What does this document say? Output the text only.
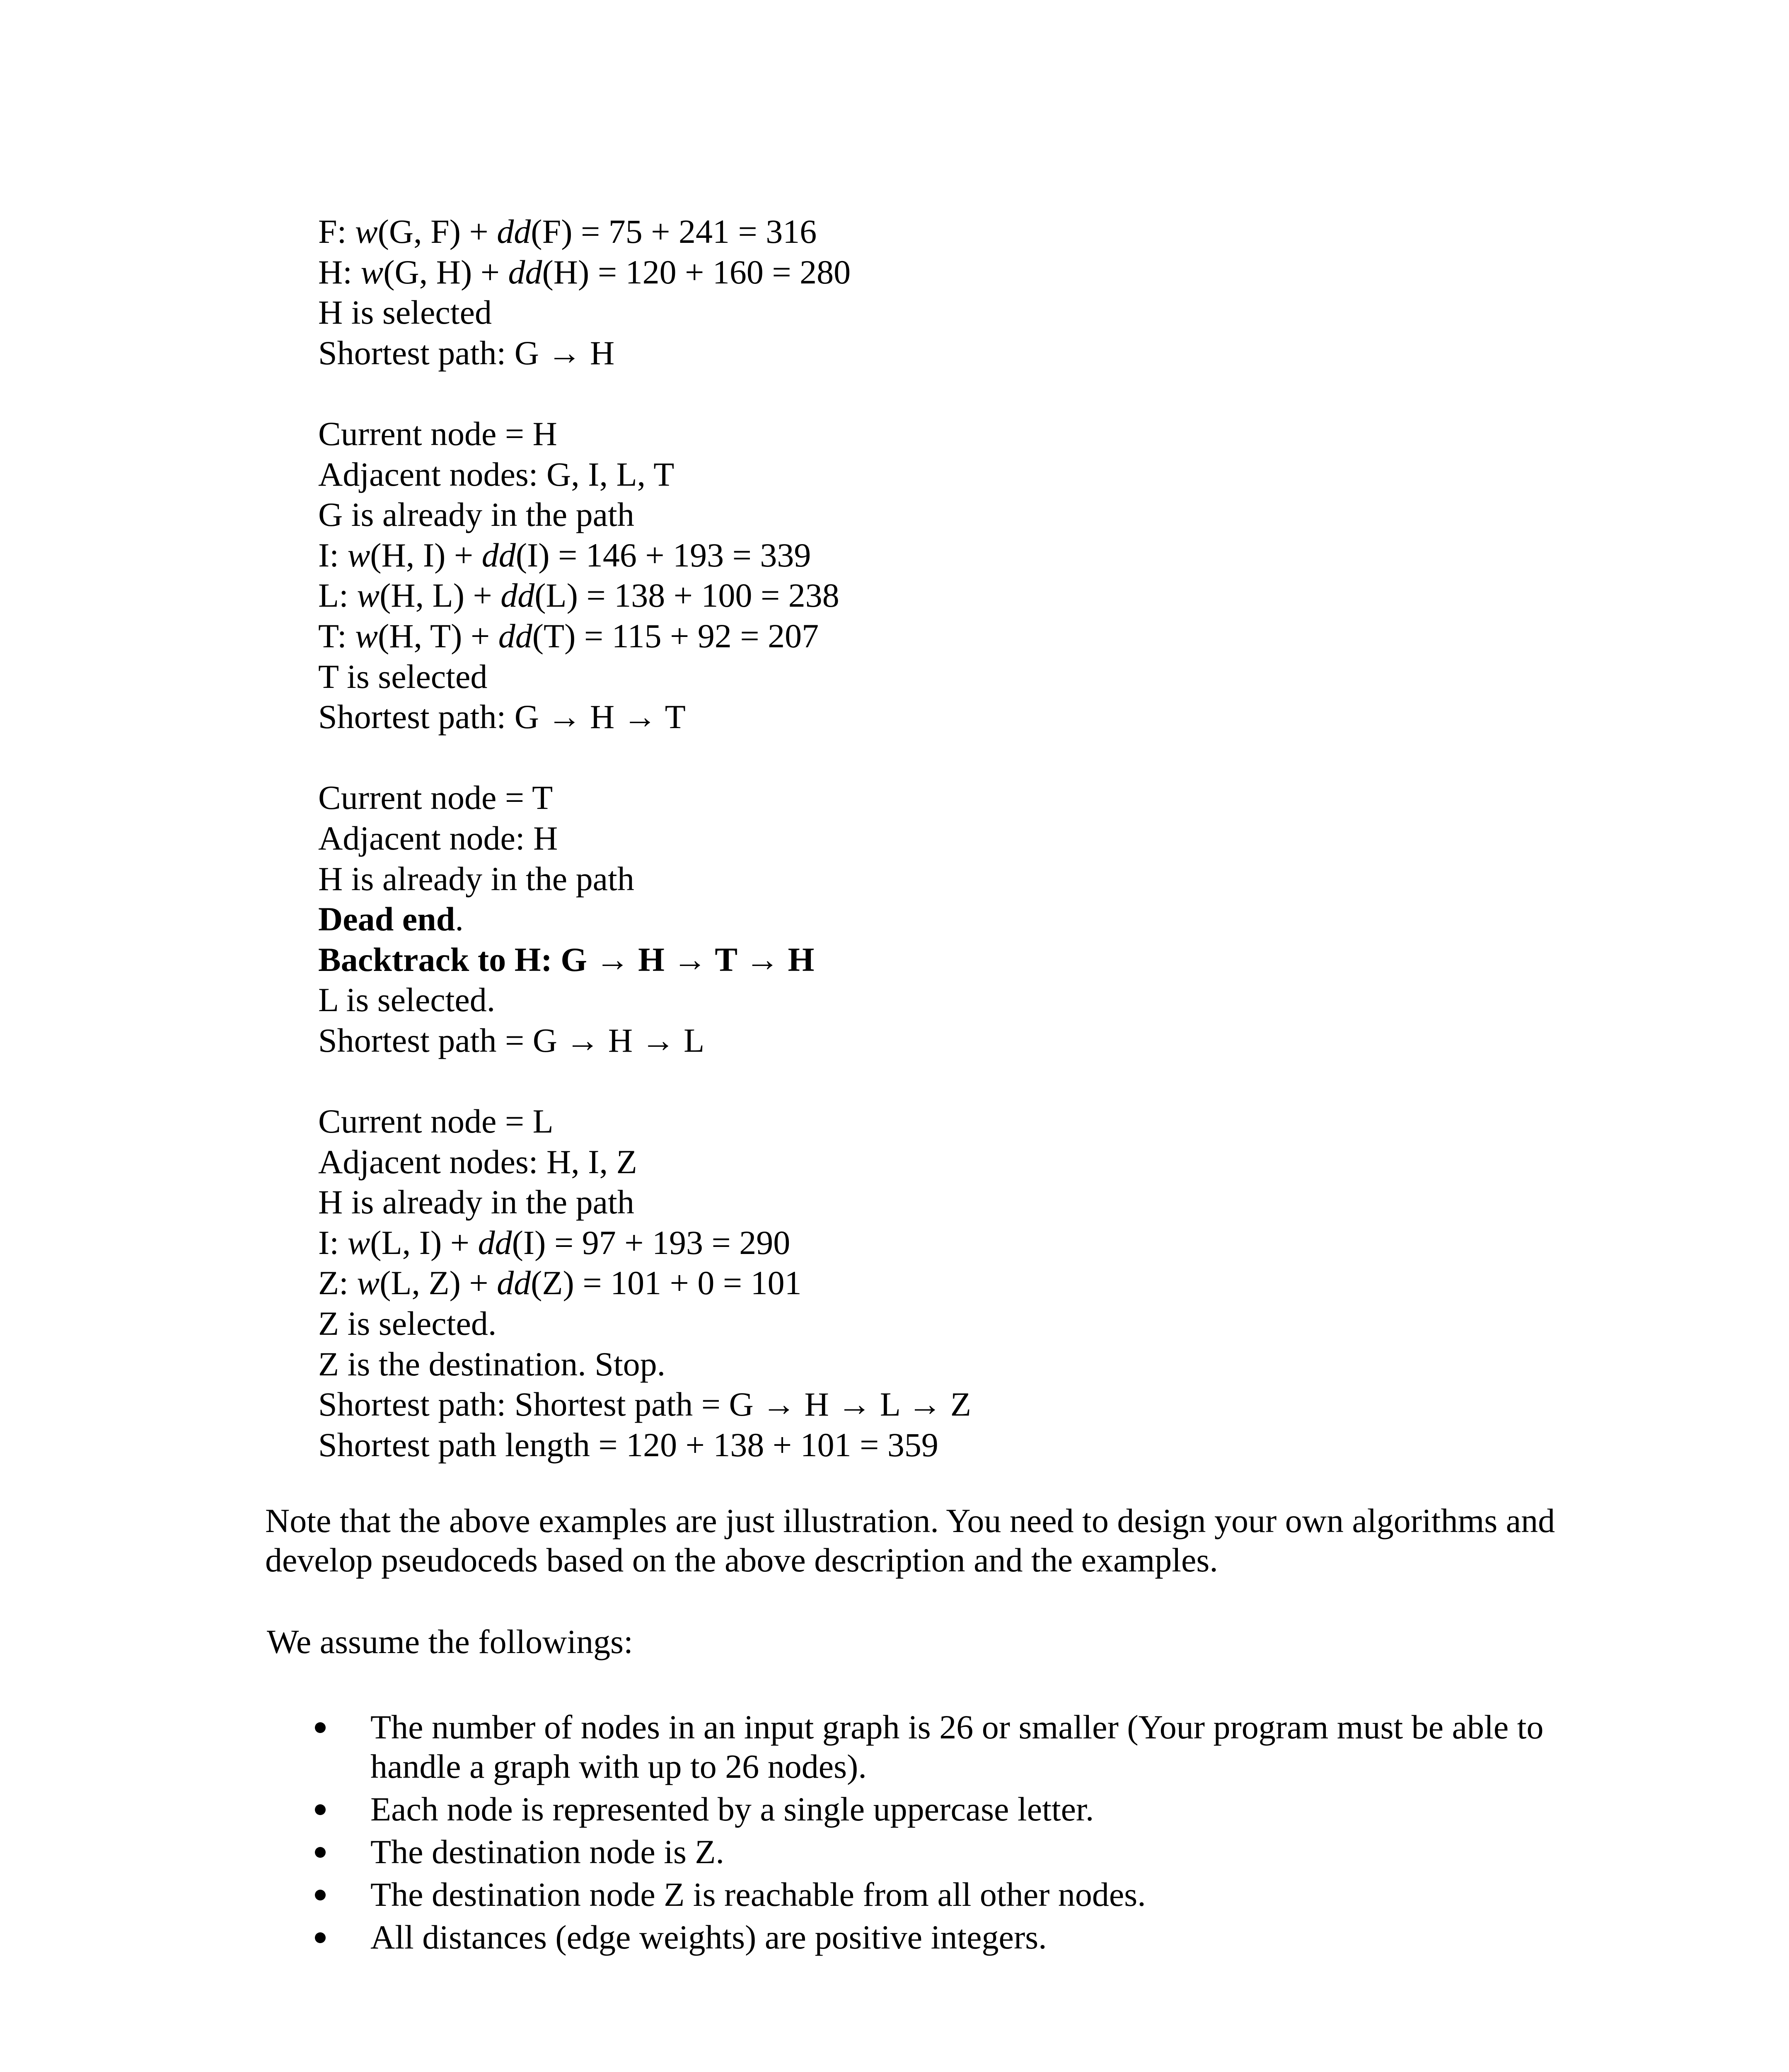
F: w(G, F) + dd(F) = 75 + 241 = 316
H: w(G, H) + dd(H) = 120 + 160 = 280
H is selected
Shortest path: G → H
Current node = H
Adjacent nodes: G, I, L, T
G is already in the path
I: w(H, I) + dd(I) = 146 + 193 = 339
L: w(H, L) + dd(L) = 138 + 100 = 238
T: w(H, T) + dd(T) = 115 + 92 = 207
T is selected
Shortest path: G → H → T
Current node = T
Adjacent node: H
H is already in the path
Dead end.
Backtrack to H: G → H → T → H
L is selected.
Shortest path = G → H → L
Current node = L
Adjacent nodes: H, I, Z
H is already in the path
I: w(L, I) + dd(I) = 97 + 193 = 290
Z: w(L, Z) + dd(Z) = 101 + 0 = 101
Z is selected.
Z is the destination. Stop.
Shortest path: Shortest path = G → H → L → Z
Shortest path length = 120 + 138 + 101 = 359
Note that the above examples are just illustration. You need to design your own algorithms and develop pseudoceds based on the above description and the examples.
We assume the followings:
The number of nodes in an input graph is 26 or smaller (Your program must be able to handle a graph with up to 26 nodes).
Each node is represented by a single uppercase letter.
The destination node is Z.
The destination node Z is reachable from all other nodes.
All distances (edge weights) are positive integers.
